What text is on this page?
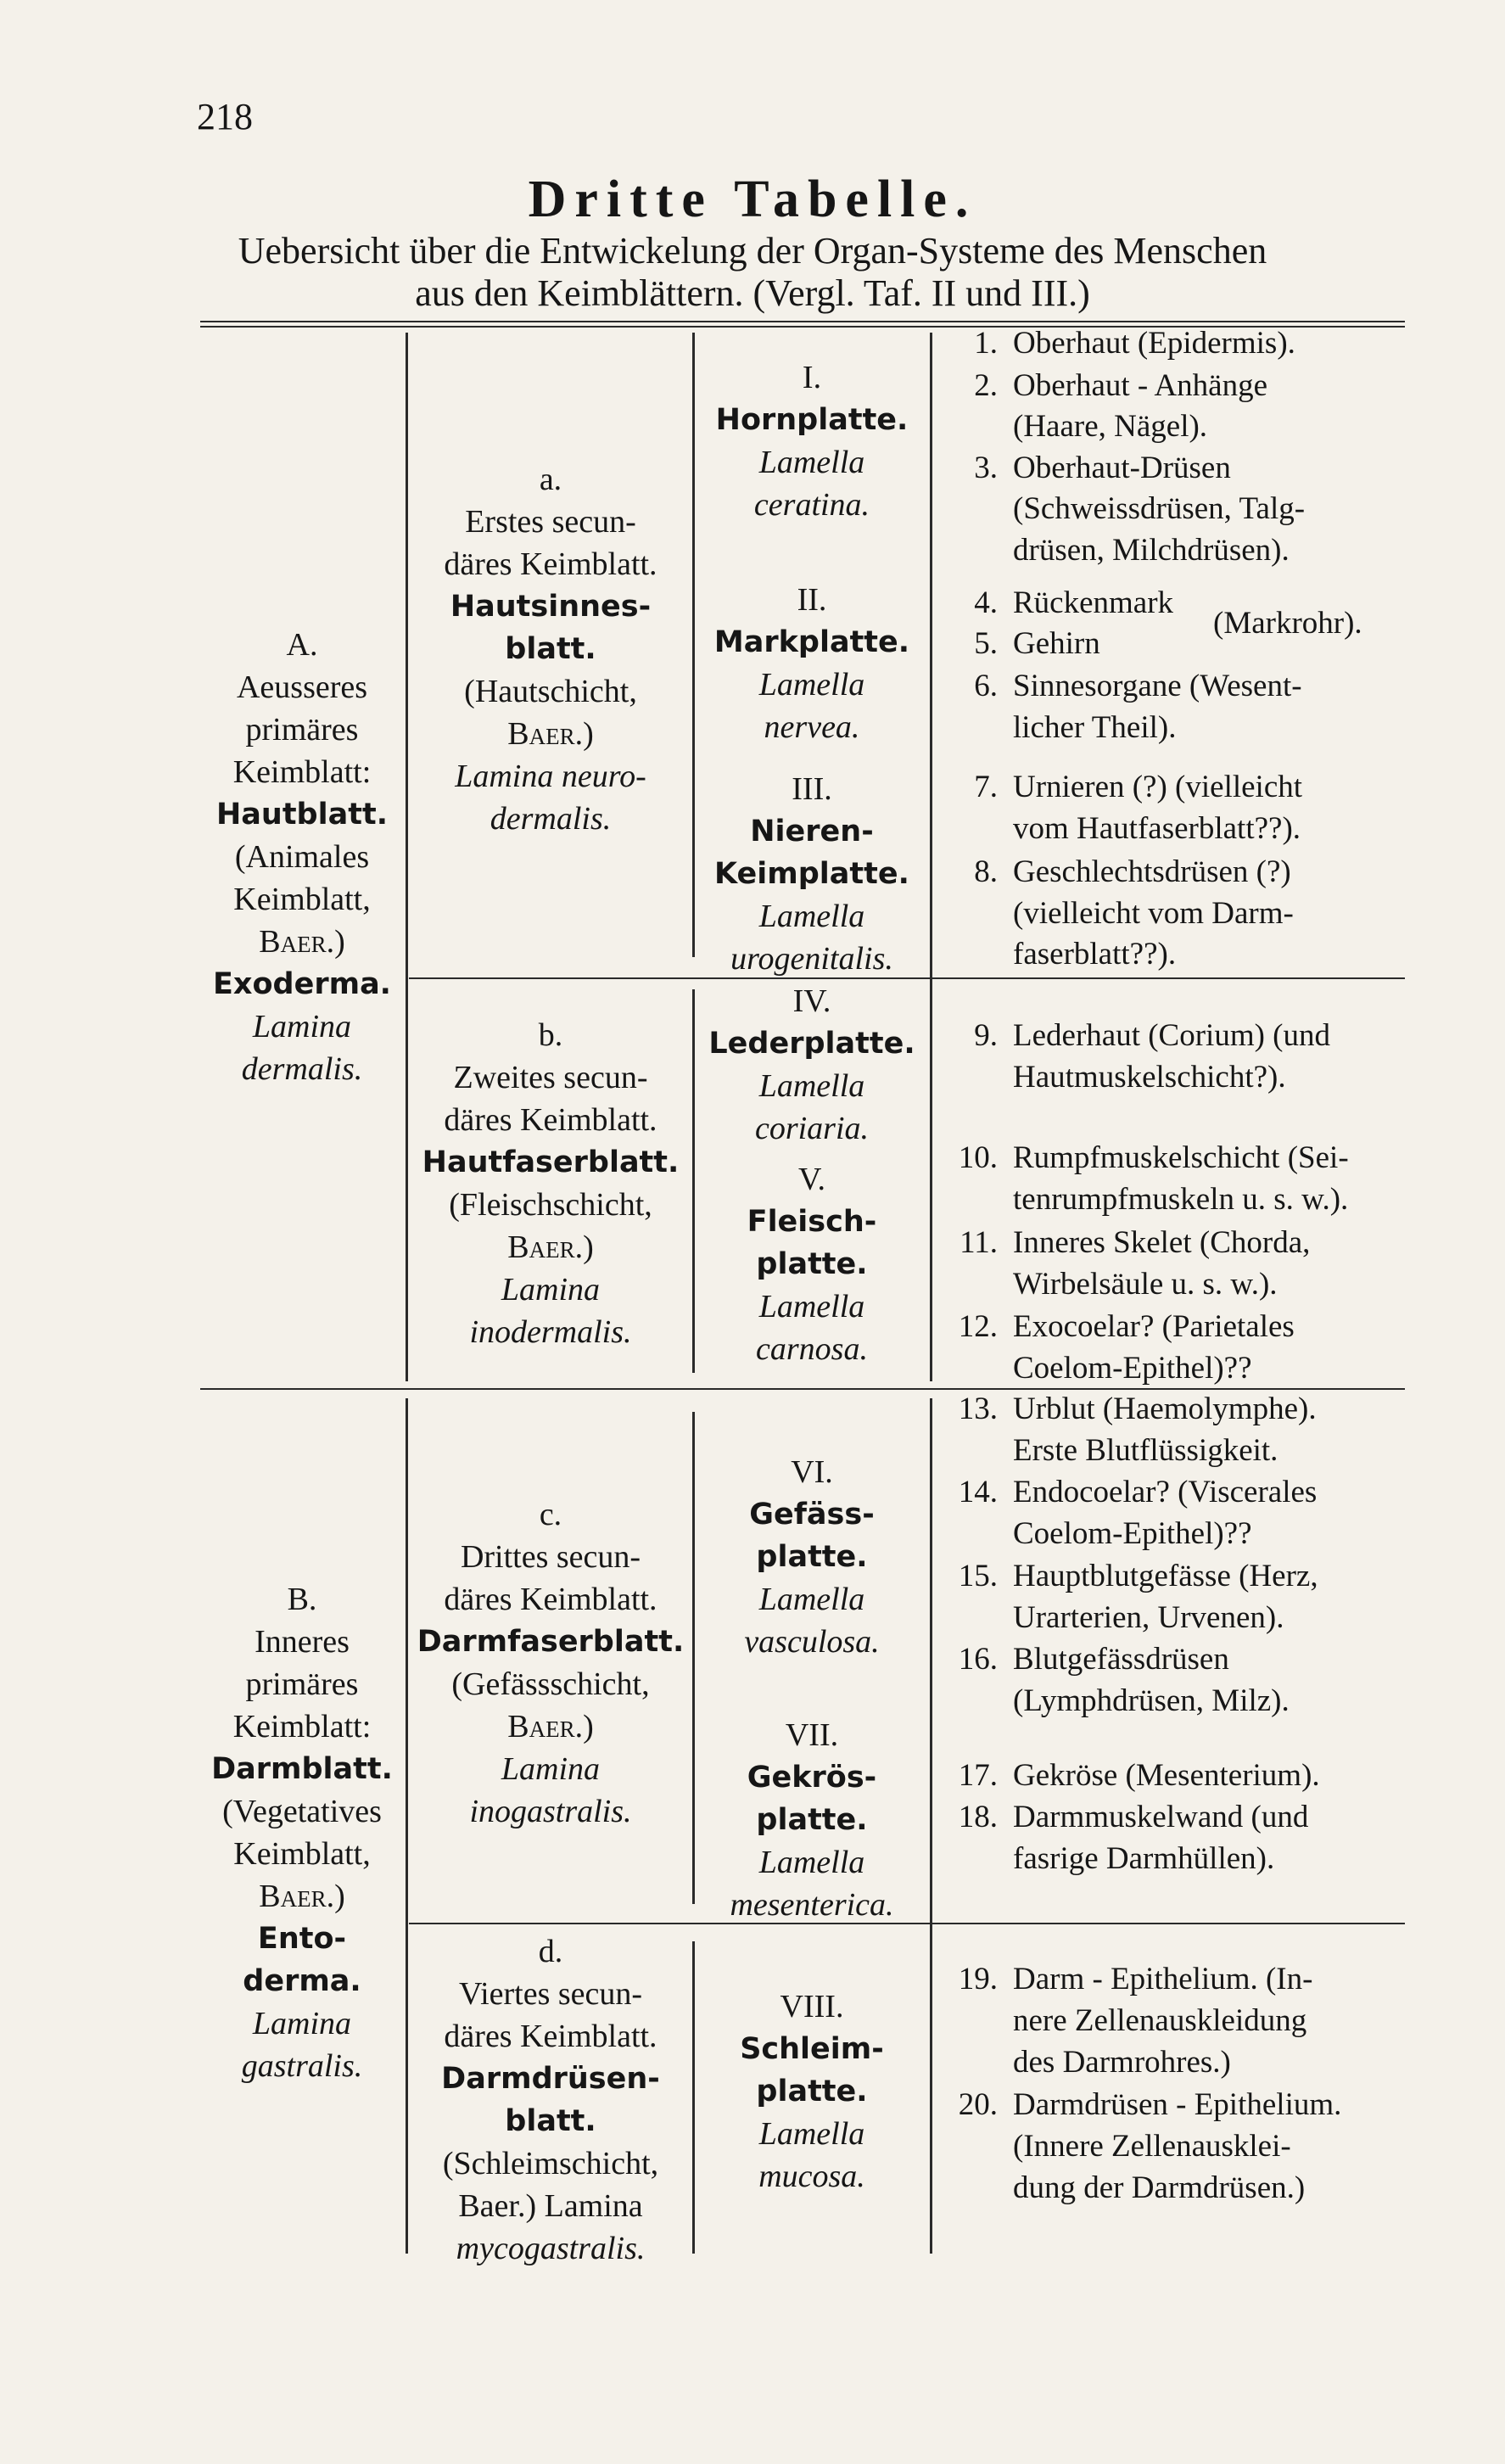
218
Dritte Tabelle.
Uebersicht über die Entwickelung der Organ-Systeme des Menschen
aus den Keimblättern. (Vergl. Taf. II und III.)
A.
Aeusseres
primäres
Keimblatt:
Hautblatt.
(Animales
Keimblatt,
Baer.)
Exoderma.
Lamina
dermalis.
B.
Inneres
primäres
Keimblatt:
Darmblatt.
(Vegetatives
Keimblatt,
Baer.)
Ento-
derma.
Lamina
gastralis.
a.
Erstes secun-
däres Keimblatt.
Hautsinnes-
blatt.
(Hautschicht,
Baer.)
Lamina neuro-
dermalis.
b.
Zweites secun-
däres Keimblatt.
Hautfaserblatt.
(Fleischschicht,
Baer.)
Lamina
inodermalis.
c.
Drittes secun-
däres Keimblatt.
Darmfaserblatt.
(Gefässschicht,
Baer.)
Lamina
inogastralis.
d.
Viertes secun-
däres Keimblatt.
Darmdrüsen-
blatt.
(Schleimschicht,
Baer.) Lamina
mycogastralis.
I.
Hornplatte.
Lamella
ceratina.
II.
Markplatte.
Lamella
nervea.
III.
Nieren-
Keimplatte.
Lamella
urogenitalis.
IV.
Lederplatte.
Lamella
coriaria.
V.
Fleisch-
platte.
Lamella
carnosa.
VI.
Gefäss-
platte.
Lamella
vasculosa.
VII.
Gekrös-
platte.
Lamella
mesenterica.
VIII.
Schleim-
platte.
Lamella
mucosa.
1. Oberhaut (Epidermis).
2. Oberhaut - Anhänge
(Haare, Nägel).
3. Oberhaut-Drüsen
(Schweissdrüsen, Talg-
drüsen, Milchdrüsen).
4. Rückenmark
5. Gehirn
(Markrohr).
6. Sinnesorgane (Wesent-
licher Theil).
7. Urnieren (?) (vielleicht
vom Hautfaserblatt??).
8. Geschlechtsdrüsen (?)
(vielleicht vom Darm-
faserblatt??).
9. Lederhaut (Corium) (und
Hautmuskelschicht?).
10. Rumpfmuskelschicht (Sei-
tenrumpfmuskeln u. s. w.).
11. Inneres Skelet (Chorda,
Wirbelsäule u. s. w.).
12. Exocoelar? (Parietales
Coelom-Epithel)??
13. Urblut (Haemolymphe).
Erste Blutflüssigkeit.
14. Endocoelar? (Viscerales
Coelom-Epithel)??
15. Hauptblutgefässe (Herz,
Urarterien, Urvenen).
16. Blutgefässdrüsen
(Lymphdrüsen, Milz).
17. Gekröse (Mesenterium).
18. Darmmuskelwand (und
fasrige Darmhüllen).
19. Darm - Epithelium. (In-
nere Zellenauskleidung
des Darmrohres.)
20. Darmdrüsen - Epithelium.
(Innere Zellenausklei-
dung der Darmdrüsen.)
